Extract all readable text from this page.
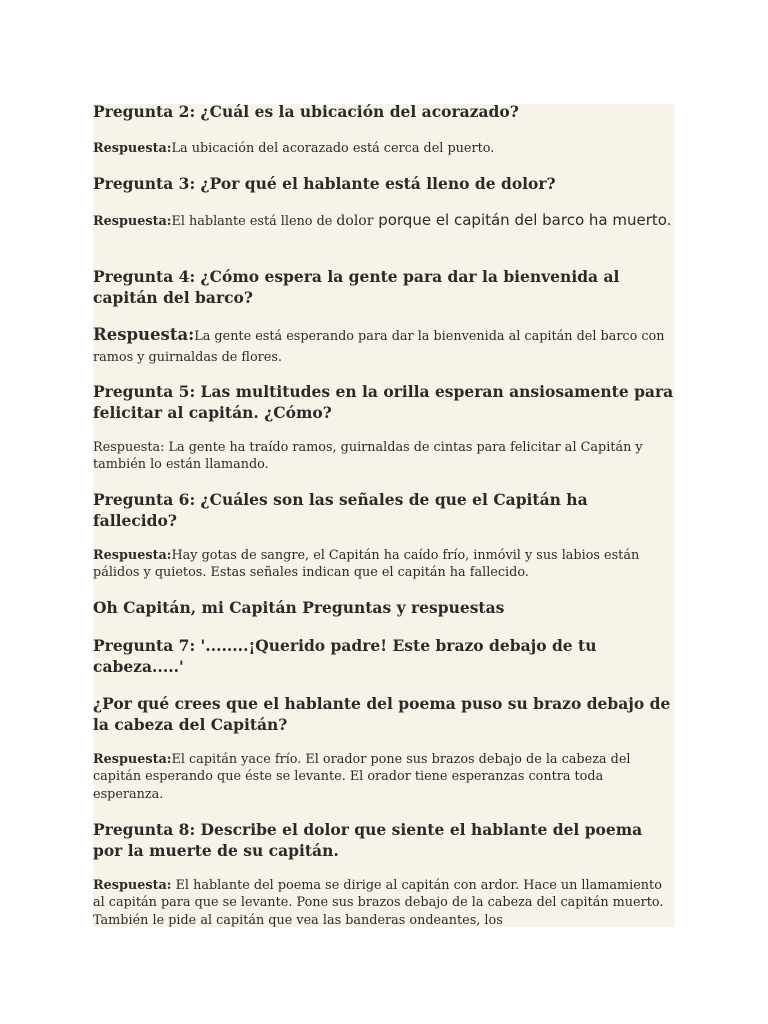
Pregunta 2: ¿Cuál es la ubicación del acorazado?

Respuesta:La ubicación del acorazado está cerca del puerto.

Pregunta 3: ¿Por qué el hablante está lleno de dolor?

Respuesta:El hablante está lleno de dolor porque el capitán del barco ha muerto.

Pregunta 4: ¿Cómo espera la gente para dar la bienvenida al capitán del barco?

Respuesta:La gente está esperando para dar la bienvenida al capitán del barco con ramos y guirnaldas de flores.

Pregunta 5: Las multitudes en la orilla esperan ansiosamente para felicitar al capitán. ¿Cómo?

Respuesta: La gente ha traído ramos, guirnaldas de cintas para felicitar al Capitán y también lo están llamando.

Pregunta 6: ¿Cuáles son las señales de que el Capitán ha fallecido?

Respuesta:Hay gotas de sangre, el Capitán ha caído frío, inmóvil y sus labios están pálidos y quietos. Estas señales indican que el capitán ha fallecido.

Oh Capitán, mi Capitán Preguntas y respuestas

Pregunta 7: '........¡Querido padre! Este brazo debajo de tu cabeza.....'

¿Por qué crees que el hablante del poema puso su brazo debajo de la cabeza del Capitán?

Respuesta:El capitán yace frío. El orador pone sus brazos debajo de la cabeza del capitán esperando que éste se levante. El orador tiene esperanzas contra toda esperanza.

Pregunta 8: Describe el dolor que siente el hablante del poema por la muerte de su capitán.

Respuesta: El hablante del poema se dirige al capitán con ardor. Hace un llamamiento al capitán para que se levante. Pone sus brazos debajo de la cabeza del capitán muerto. También le pide al capitán que vea las banderas ondeantes, los
